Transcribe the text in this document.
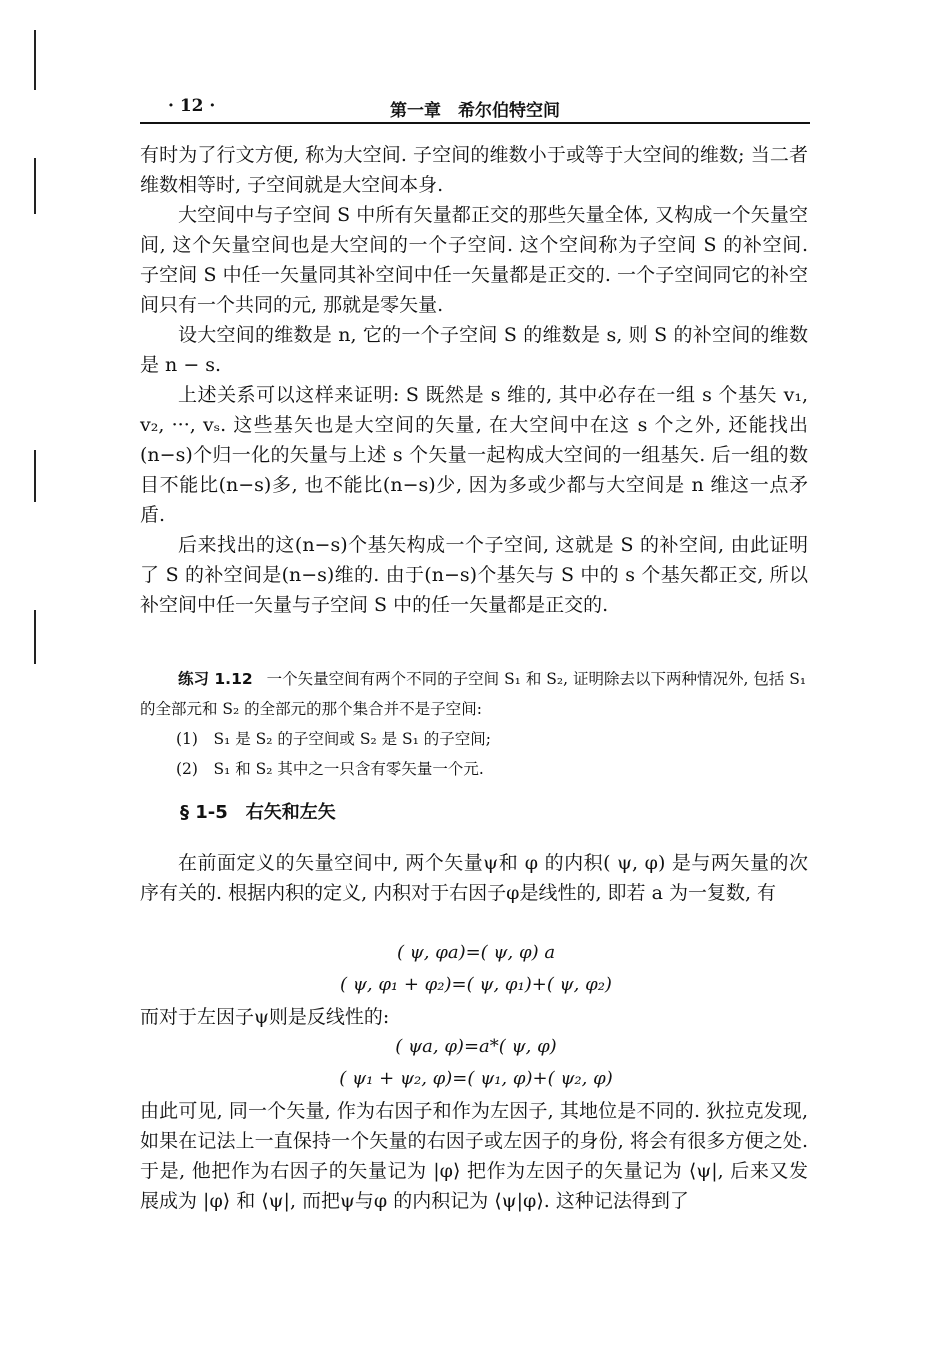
· 12 ·	第一章　希尔伯特空间

有时为了行文方便, 称为大空间. 子空间的维数小于或等于大空间的维数; 当二者维数相等时, 子空间就是大空间本身.

大空间中与子空间 S 中所有矢量都正交的那些矢量全体, 又构成一个矢量空间, 这个矢量空间也是大空间的一个子空间. 这个空间称为子空间 S 的补空间. 子空间 S 中任一矢量同其补空间中任一矢量都是正交的. 一个子空间同它的补空间只有一个共同的元, 那就是零矢量.

设大空间的维数是 n, 它的一个子空间 S 的维数是 s, 则 S 的补空间的维数是 n − s.

上述关系可以这样来证明: S 既然是 s 维的, 其中必存在一组 s 个基矢 v₁, v₂, ···, vₛ. 这些基矢也是大空间的矢量, 在大空间中在这 s 个之外, 还能找出(n−s)个归一化的矢量与上述 s 个矢量一起构成大空间的一组基矢. 后一组的数目不能比(n−s)多, 也不能比(n−s)少, 因为多或少都与大空间是 n 维这一点矛盾.

后来找出的这(n−s)个基矢构成一个子空间, 这就是 S 的补空间, 由此证明了 S 的补空间是(n−s)维的. 由于(n−s)个基矢与 S 中的 s 个基矢都正交, 所以补空间中任一矢量与子空间 S 中的任一矢量都是正交的.

练习 1.12 一个矢量空间有两个不同的子空间 S₁ 和 S₂, 证明除去以下两种情况外, 包括 S₁ 的全部元和 S₂ 的全部元的那个集合并不是子空间:

(1)　S₁ 是 S₂ 的子空间或 S₂ 是 S₁ 的子空间;

(2)　S₁ 和 S₂ 其中之一只含有零矢量一个元.

§ 1-5 右矢和左矢

在前面定义的矢量空间中, 两个矢量ψ和 φ 的内积( ψ, φ) 是与两矢量的次序有关的. 根据内积的定义, 内积对于右因子φ是线性的, 即若 a 为一复数, 有

( ψ, φa)=( ψ, φ) a
( ψ, φ₁ + φ₂)=( ψ, φ₁)+( ψ, φ₂)

而对于左因子ψ则是反线性的:

( ψa, φ)=a*( ψ, φ)
( ψ₁ + ψ₂, φ)=( ψ₁, φ)+( ψ₂, φ)

由此可见, 同一个矢量, 作为右因子和作为左因子, 其地位是不同的. 狄拉克发现, 如果在记法上一直保持一个矢量的右因子或左因子的身份, 将会有很多方便之处. 于是, 他把作为右因子的矢量记为 |φ⟩ 把作为左因子的矢量记为 ⟨ψ|, 后来又发展成为 |φ⟩ 和 ⟨ψ|, 而把ψ与φ 的内积记为 ⟨ψ|φ⟩. 这种记法得到了
